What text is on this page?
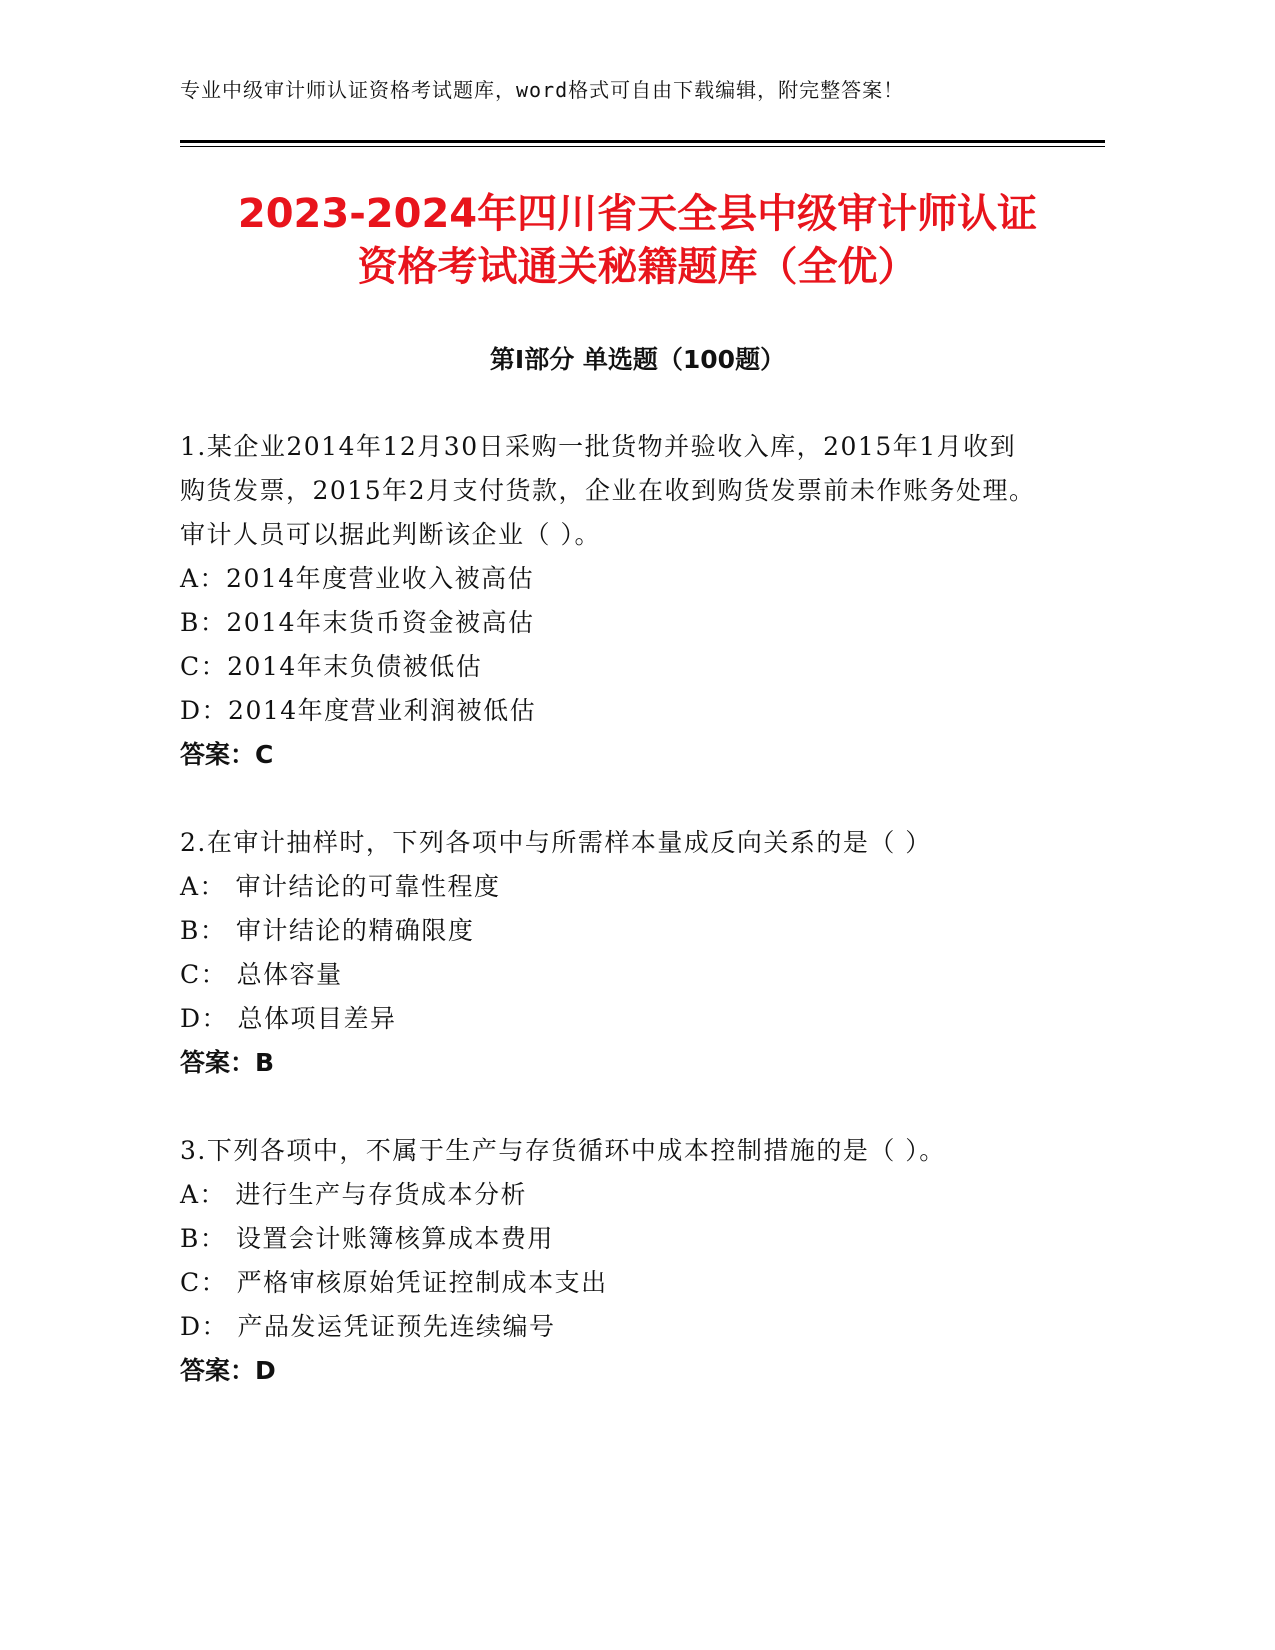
专业中级审计师认证资格考试题库，word格式可自由下载编辑，附完整答案！
2023-2024年四川省天全县中级审计师认证
资格考试通关秘籍题库（全优）
第Ⅰ部分 单选题（100题）
1.某企业2014年12月30日采购一批货物并验收入库，2015年1月收到购货发票，2015年2月支付货款，企业在收到购货发票前未作账务处理。审计人员可以据此判断该企业（ ）。
A：2014年度营业收入被高估
B：2014年末货币资金被高估
C：2014年末负债被低估
D：2014年度营业利润被低估
答案：C
2.在审计抽样时，下列各项中与所需样本量成反向关系的是（ ）
A： 审计结论的可靠性程度
B： 审计结论的精确限度
C： 总体容量
D： 总体项目差异
答案：B
3.下列各项中，不属于生产与存货循环中成本控制措施的是（ ）。
A： 进行生产与存货成本分析
B： 设置会计账簿核算成本费用
C： 严格审核原始凭证控制成本支出
D： 产品发运凭证预先连续编号
答案：D
